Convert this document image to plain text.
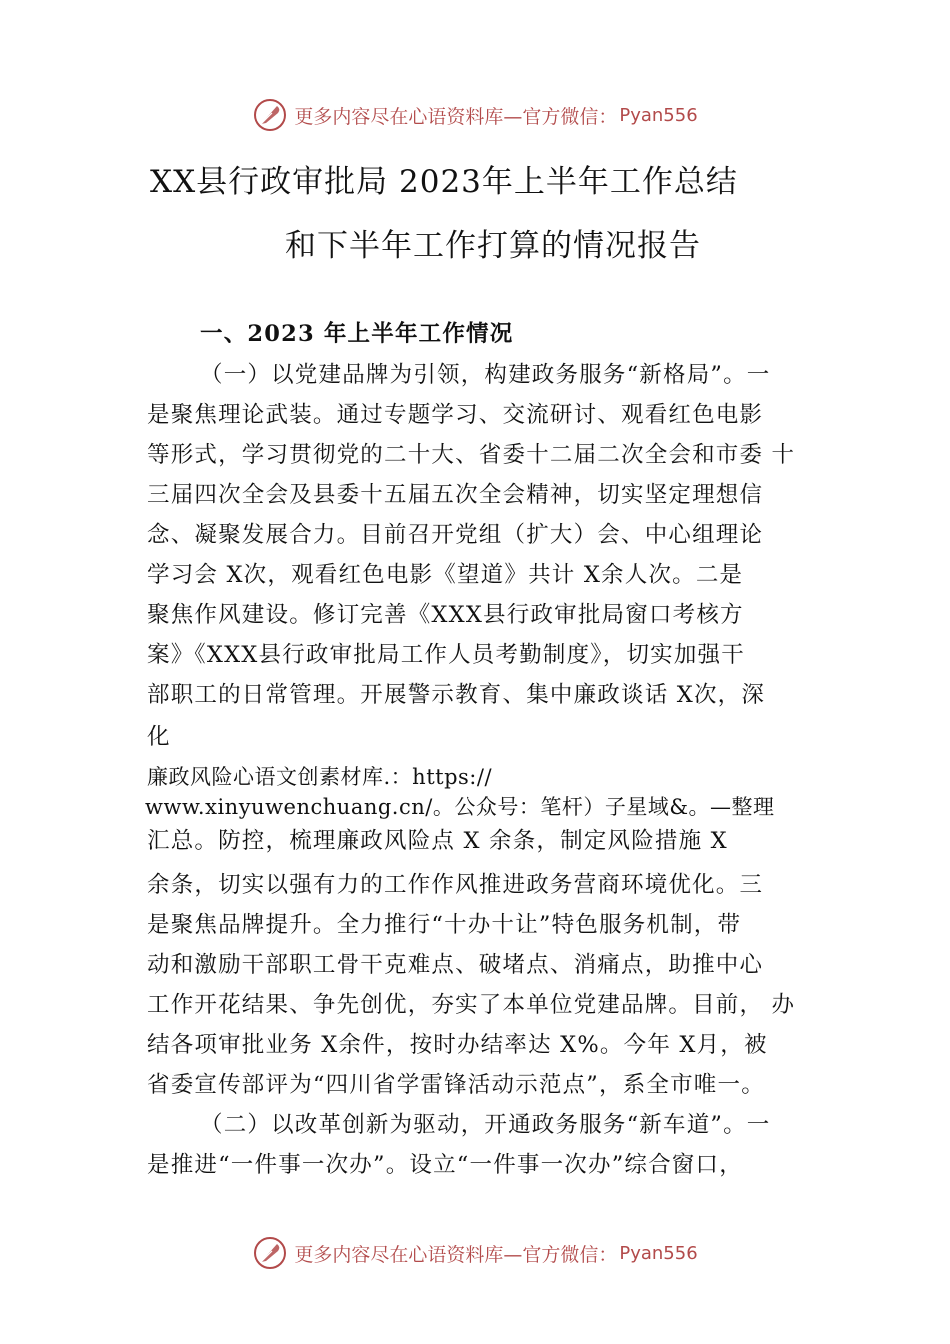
更多内容尽在心语资料库—官方微信： Pyan556
XX县行政审批局 2023年上半年工作总结
和下半年工作打算的情况报告
一、2023 年上半年工作情况
（一）以党建品牌为引领，构建政务服务“新格局”。一
是聚焦理论武装。通过专题学习、交流研讨、观看红色电影
等形式，学习贯彻党的二十大、省委十二届二次全会和市委 十
三届四次全会及县委十五届五次全会精神，切实坚定理想信
念、凝聚发展合力。目前召开党组（扩大）会、中心组理论
学习会 X次，观看红色电影《望道》共计 X余人次。二是
聚焦作风建设。修订完善《XXX县行政审批局窗口考核方
案》《XXX县行政审批局工作人员考勤制度》，切实加强干
部职工的日常管理。开展警示教育、集中廉政谈话 X次，深
化
廉政风险心语文创素材库.：https://
www.xinyuwenchuang.cn/。公众号：笔杆）子星域&。—整理
汇总。防控，梳理廉政风险点 X 余条，制定风险措施 X
余条，切实以强有力的工作作风推进政务营商环境优化。三
是聚焦品牌提升。全力推行“十办十让”特色服务机制，带
动和激励干部职工骨干克难点、破堵点、消痛点，助推中心
工作开花结果、争先创优，夯实了本单位党建品牌。目前， 办
结各项审批业务 X余件，按时办结率达 X%。今年 X月，被
省委宣传部评为“四川省学雷锋活动示范点”，系全市唯一。
（二）以改革创新为驱动，开通政务服务“新车道”。一
是推进“一件事一次办”。设立“一件事一次办”综合窗口，
更多内容尽在心语资料库—官方微信： Pyan556
